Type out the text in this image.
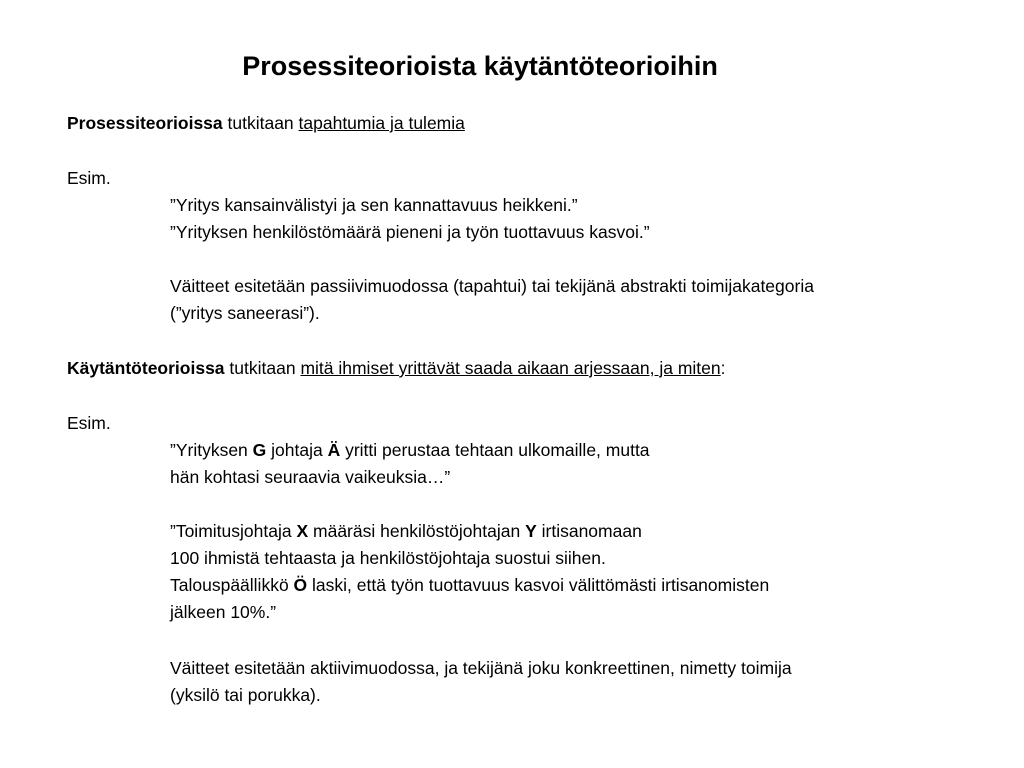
Prosessiteorioista käytäntöteorioihin
Prosessiteorioissa tutkitaan tapahtumia ja tulemia
Esim.
”Yritys kansainvälistyi ja sen kannattavuus heikkeni.”
”Yrityksen henkilöstömäärä pieneni ja työn tuottavuus kasvoi.”
Väitteet esitetään passiivimuodossa (tapahtui) tai tekijänä abstrakti toimijakategoria
(”yritys saneerasi”).
Käytäntöteorioissa tutkitaan mitä ihmiset yrittävät saada aikaan arjessaan, ja miten:
Esim.
”Yrityksen G johtaja Ä yritti perustaa tehtaan ulkomaille, mutta
hän kohtasi seuraavia vaikeuksia…”
”Toimitusjohtaja X määräsi henkilöstöjohtajan Y irtisanomaan
100 ihmistä tehtaasta ja henkilöstöjohtaja suostui siihen.
Talouspäällikkö Ö laski, että työn tuottavuus kasvoi välittömästi irtisanomisten
jälkeen 10%.”
Väitteet esitetään aktiivimuodossa, ja tekijänä joku konkreettinen, nimetty toimija
(yksilö tai porukka).
